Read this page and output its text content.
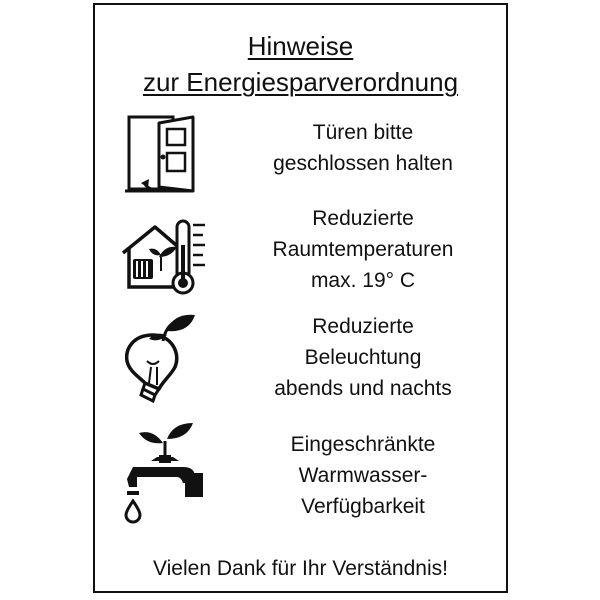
Hinweise
zur Energiesparverordnung
Türen bitte
geschlossen halten
Reduzierte
Raumtemperaturen
max. 19° C
Reduzierte
Beleuchtung
abends und nachts
Eingeschränkte
Warmwasser-
Verfügbarkeit
Vielen Dank für Ihr Verständnis!
